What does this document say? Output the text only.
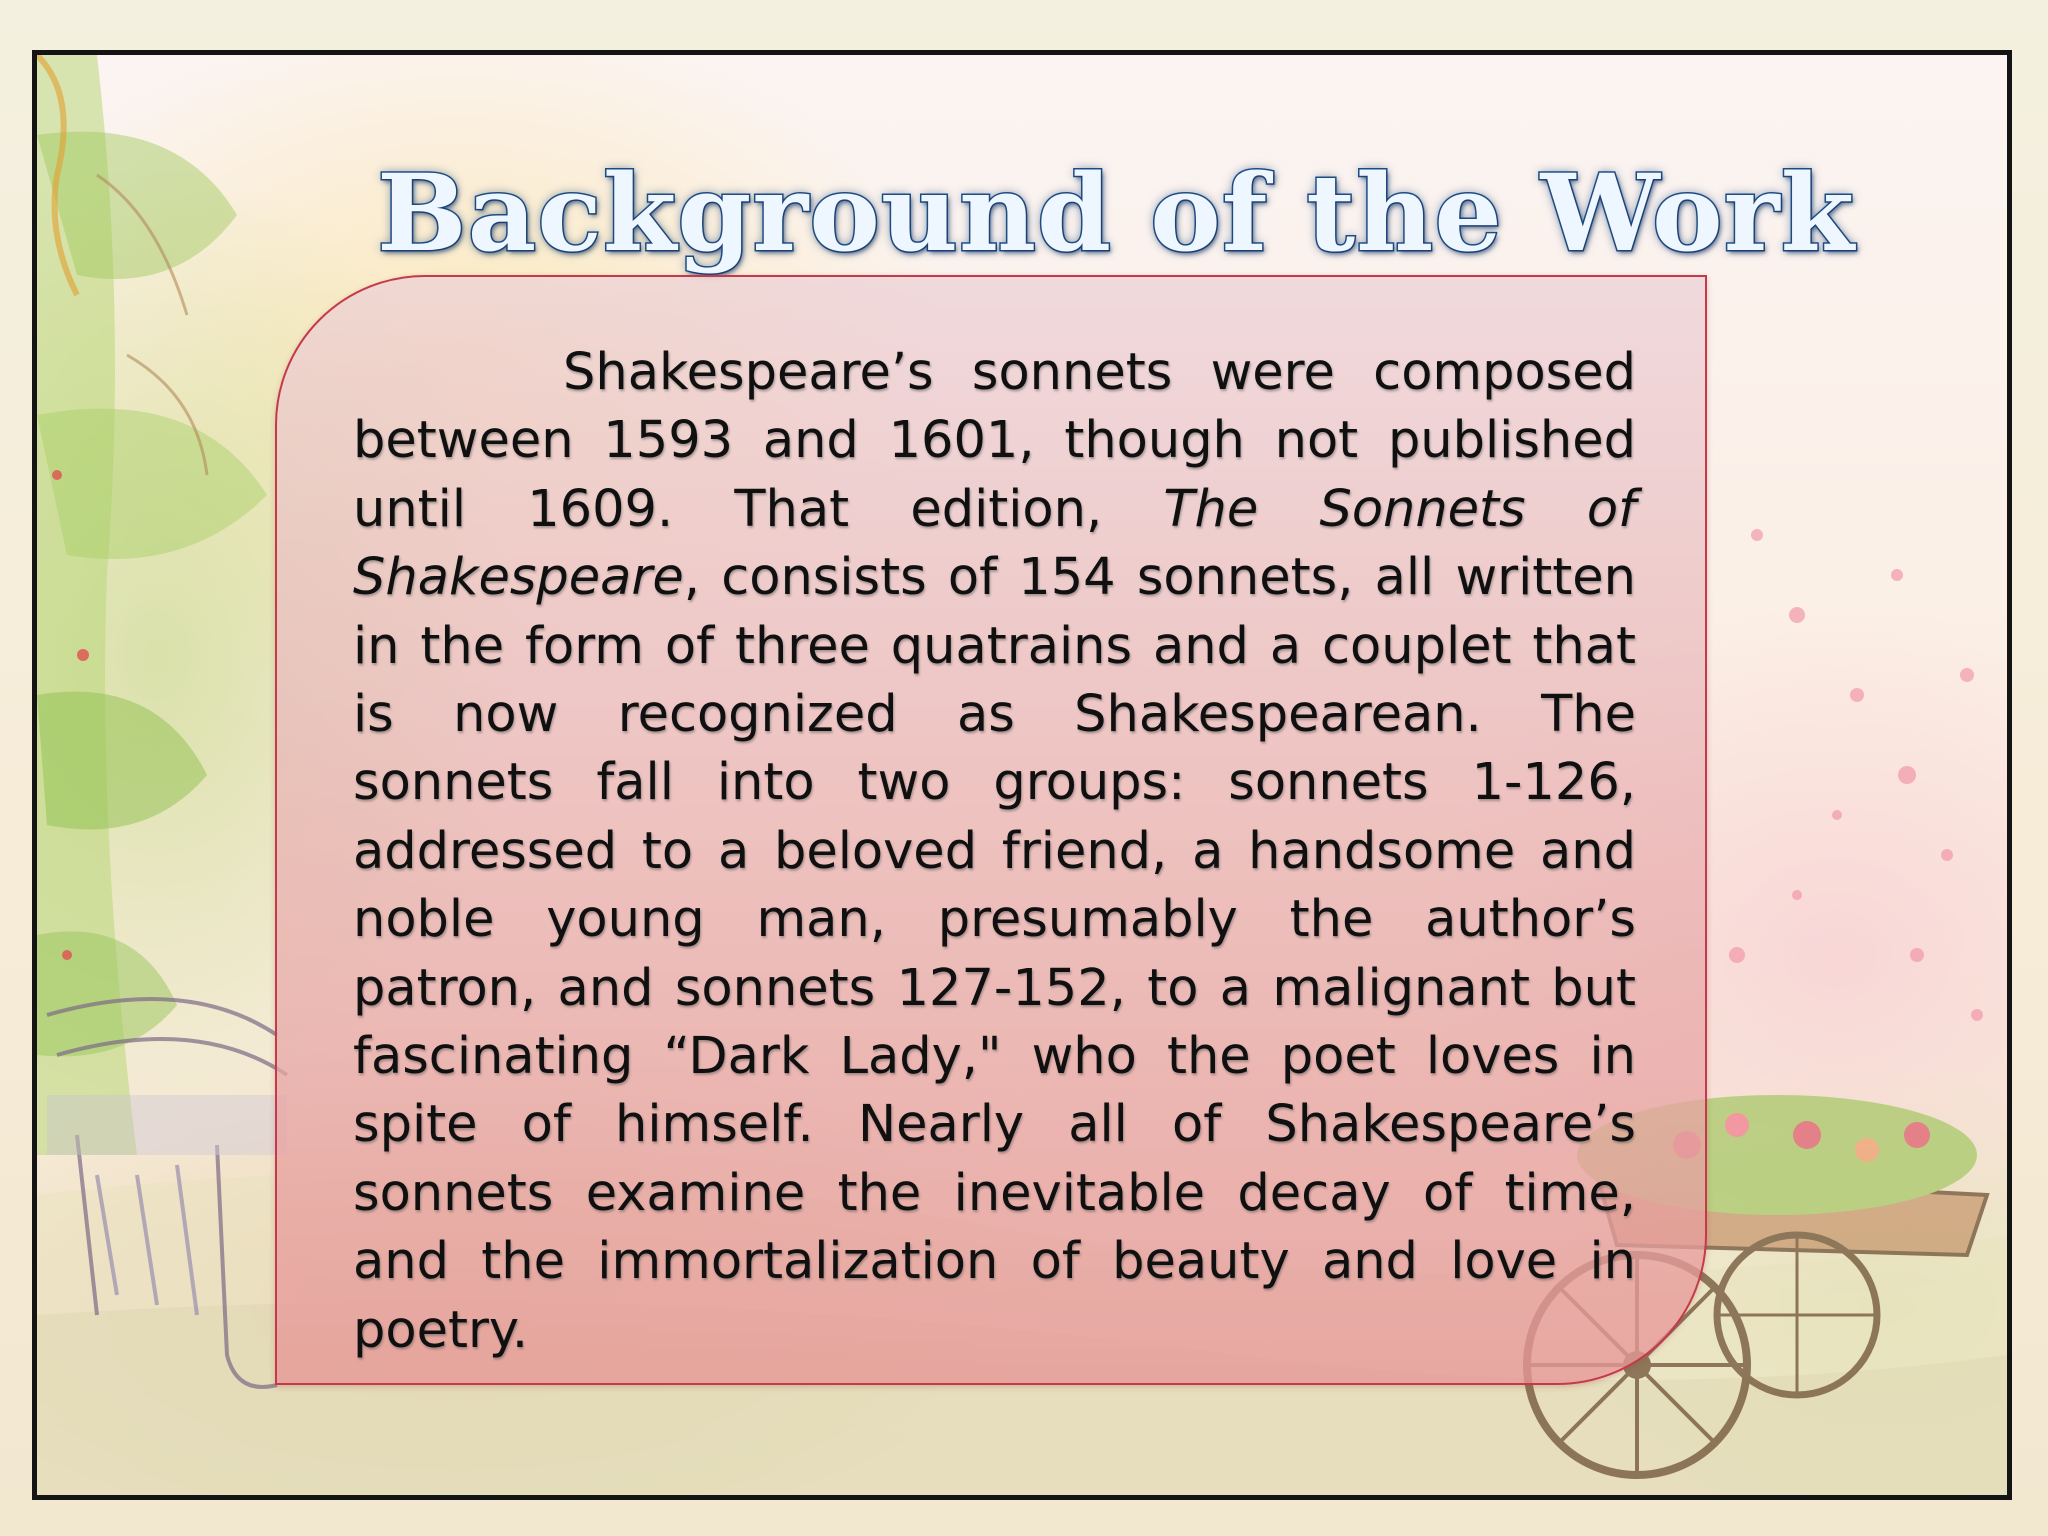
Background of the Work

Shakespeare’s sonnets were composed between 1593 and 1601, though not published until 1609. That edition, The Sonnets of Shakespeare, consists of 154 sonnets, all written in the form of three quatrains and a couplet that is now recognized as Shakespearean. The sonnets fall into two groups: sonnets 1-126, addressed to a beloved friend, a handsome and noble young man, presumably the author’s patron, and sonnets 127-152, to a malignant but fascinating “Dark Lady," who the poet loves in spite of himself. Nearly all of Shakespeare’s sonnets examine the inevitable decay of time, and the immortalization of beauty and love in poetry.
